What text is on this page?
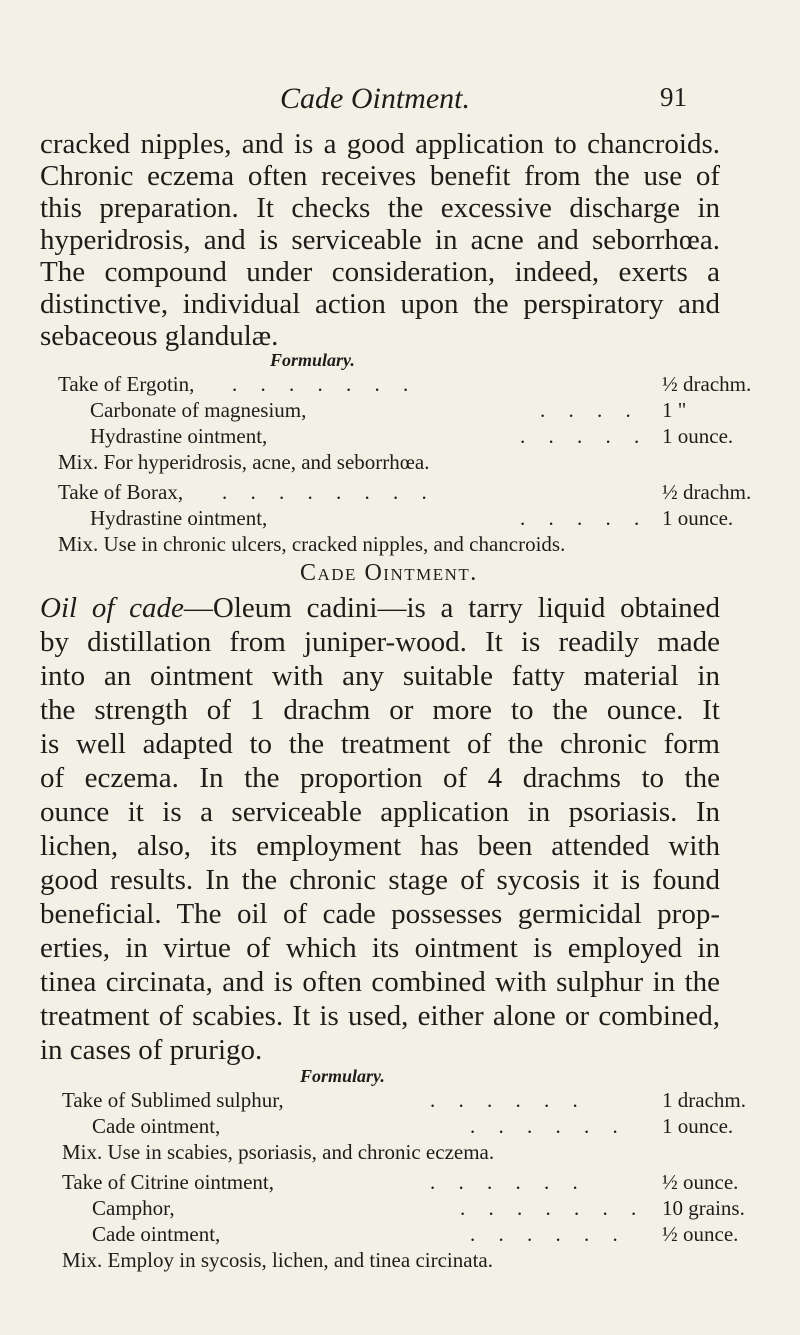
Cade Ointment.	91
cracked nipples, and is a good application to chancroids.
Chronic eczema often receives benefit from the use of
this preparation. It checks the excessive discharge in
hyperidrosis, and is serviceable in acne and seborrhœa.
The compound under consideration, indeed, exerts a
distinctive, individual action upon the perspiratory and
sebaceous glandulæ.
Formulary.
Take of Ergotin, . . . . . . .	½ drachm.
Carbonate of magnesium,	. . . . 1 "
Hydrastine ointment,	. . . . . 1 ounce.
Mix. For hyperidrosis, acne, and seborrhœa.
Take of Borax, . . . . . . . .	½ drachm.
Hydrastine ointment,	. . . . . 1 ounce.
Mix. Use in chronic ulcers, cracked nipples, and chancroids.
Cade Ointment.
Oil of cade—Oleum cadini—is a tarry liquid obtained
by distillation from juniper-wood. It is readily made
into an ointment with any suitable fatty material in
the strength of 1 drachm or more to the ounce. It
is well adapted to the treatment of the chronic form
of eczema. In the proportion of 4 drachms to the
ounce it is a serviceable application in psoriasis. In
lichen, also, its employment has been attended with
good results. In the chronic stage of sycosis it is found
beneficial. The oil of cade possesses germicidal prop-
erties, in virtue of which its ointment is employed in
tinea circinata, and is often combined with sulphur in the
treatment of scabies. It is used, either alone or combined,
in cases of prurigo.
Formulary.
Take of Sublimed sulphur,	. . . . . .	1 drachm.
Cade ointment,	. . . . . . 1 ounce.
Mix. Use in scabies, psoriasis, and chronic eczema.
Take of Citrine ointment,	. . . . . .	½ ounce.
Camphor,	. . . . . . . 10 grains.
Cade ointment,	. . . . . . ½ ounce.
Mix. Employ in sycosis, lichen, and tinea circinata.
